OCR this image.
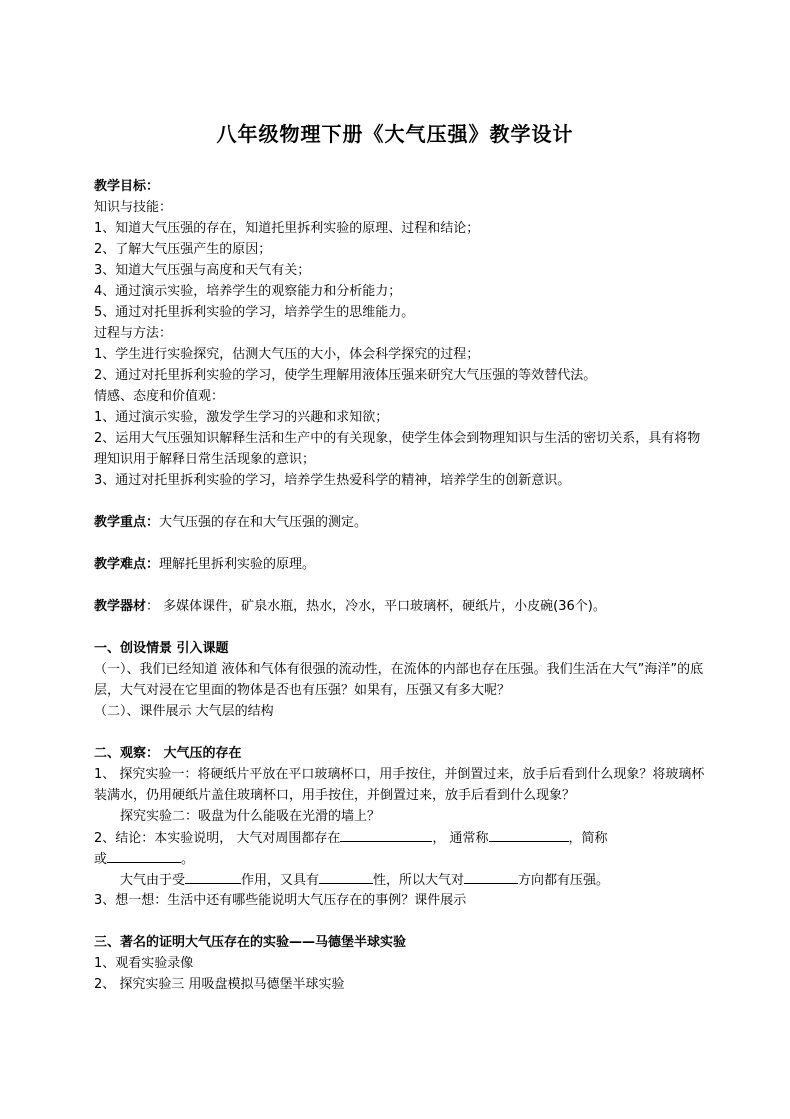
八年级物理下册《大气压强》教学设计
教学目标：
知识与技能：
1、知道大气压强的存在，知道托里拆利实验的原理、过程和结论；
2、了解大气压强产生的原因；
3、知道大气压强与高度和天气有关；
4、通过演示实验，培养学生的观察能力和分析能力；
5、通过对托里拆利实验的学习，培养学生的思维能力。
过程与方法：
1、学生进行实验探究，估测大气压的大小，体会科学探究的过程；
2、通过对托里拆利实验的学习，使学生理解用液体压强来研究大气压强的等效替代法。
情感、态度和价值观：
1、通过演示实验，激发学生学习的兴趣和求知欲；
2、运用大气压强知识解释生活和生产中的有关现象，使学生体会到物理知识与生活的密切关系，具有将物理知识用于解释日常生活现象的意识；
3、通过对托里拆利实验的学习，培养学生热爱科学的精神，培养学生的创新意识。
教学重点：大气压强的存在和大气压强的测定。
教学难点：理解托里拆利实验的原理。
教学器材： 多媒体课件，矿泉水瓶，热水，冷水，平口玻璃杯，硬纸片，小皮碗(36个)。
一、创设情景 引入课题
（一）、我们已经知道 液体和气体有很强的流动性，在流体的内部也存在压强。我们生活在大气”海洋”的底层，大气对浸在它里面的物体是否也有压强？如果有，压强又有多大呢？
（二）、课件展示 大气层的结构
二、观察： 大气压的存在
1、 探究实验一：将硬纸片平放在平口玻璃杯口，用手按住，并倒置过来，放手后看到什么现象？将玻璃杯装满水，仍用硬纸片盖住玻璃杯口，用手按住，并倒置过来，放手后看到什么现象？
探究实验二：吸盘为什么能吸在光滑的墙上？
2、结论：本实验说明， 大气对周围都存在	， 通常称	，简称
或	。
大气由于受	作用，又具有	性，所以大气对	方向都有压强。
3、想一想：生活中还有哪些能说明大气压存在的事例？课件展示
三、著名的证明大气压存在的实验——马德堡半球实验
1、观看实验录像
2、 探究实验三 用吸盘模拟马德堡半球实验
